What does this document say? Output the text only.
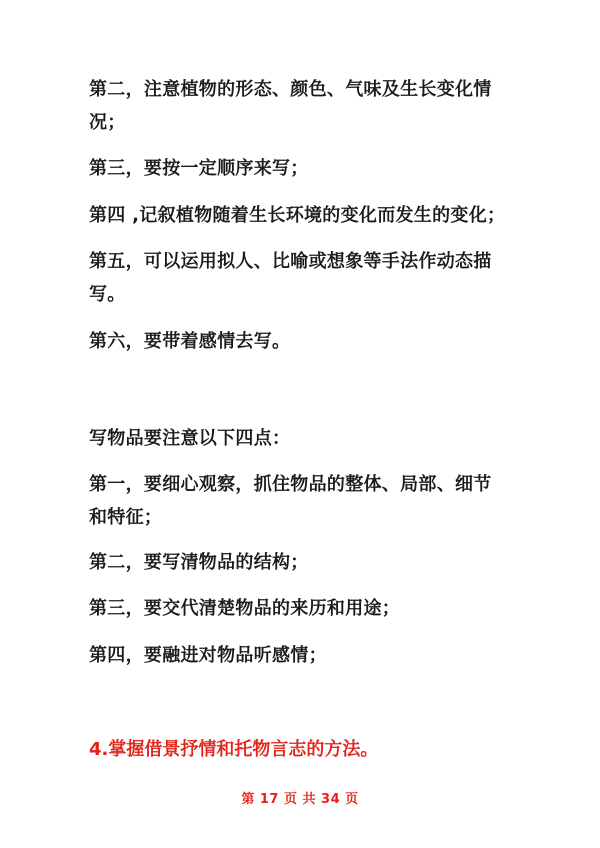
第二，注意植物的形态、颜色、气味及生长变化情
况；
第三，要按一定顺序来写；
第四 ,记叙植物随着生长环境的变化而发生的变化；
第五，可以运用拟人、比喻或想象等手法作动态描
写。
第六，要带着感情去写。
写物品要注意以下四点：
第一，要细心观察，抓住物品的整体、局部、细节
和特征；
第二，要写清物品的结构；
第三，要交代清楚物品的来历和用途；
第四，要融进对物品听感情；
4.掌握借景抒情和托物言志的方法。
第 17 页 共 34 页
